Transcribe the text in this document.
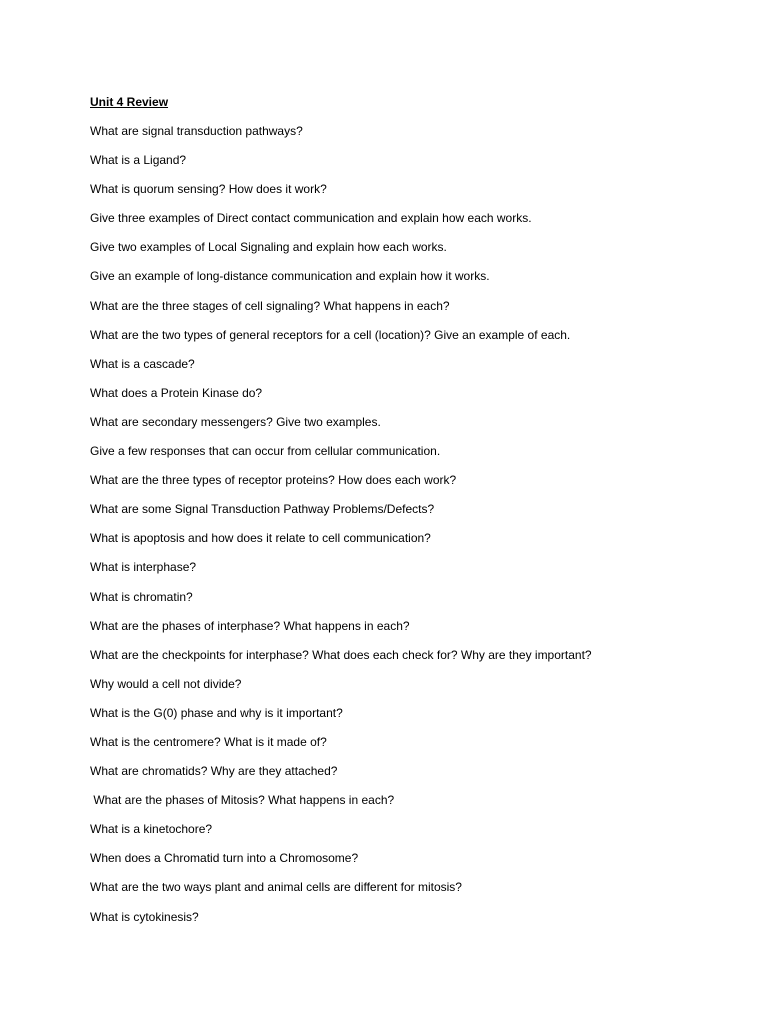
Unit 4 Review
What are signal transduction pathways?
What is a Ligand?
What is quorum sensing? How does it work?
Give three examples of Direct contact communication and explain how each works.
Give two examples of Local Signaling and explain how each works.
Give an example of long-distance communication and explain how it works.
What are the three stages of cell signaling? What happens in each?
What are the two types of general receptors for a cell (location)? Give an example of each.
What is a cascade?
What does a Protein Kinase do?
What are secondary messengers? Give two examples.
Give a few responses that can occur from cellular communication.
What are the three types of receptor proteins? How does each work?
What are some Signal Transduction Pathway Problems/Defects?
What is apoptosis and how does it relate to cell communication?
What is interphase?
What is chromatin?
What are the phases of interphase? What happens in each?
What are the checkpoints for interphase? What does each check for? Why are they important?
Why would a cell not divide?
What is the G(0) phase and why is it important?
What is the centromere? What is it made of?
What are chromatids? Why are they attached?
What are the phases of Mitosis? What happens in each?
What is a kinetochore?
When does a Chromatid turn into a Chromosome?
What are the two ways plant and animal cells are different for mitosis?
What is cytokinesis?
